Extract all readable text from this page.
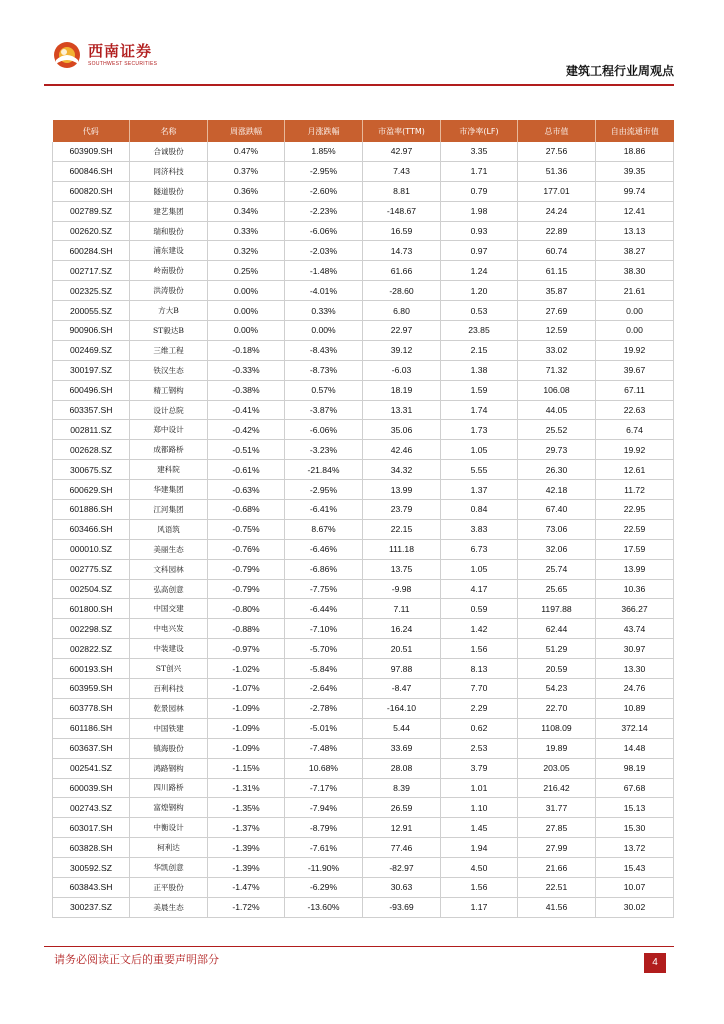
西南证券
SOUTHWEST SECURITIES
建筑工程行业周观点
代码	名称	周涨跌幅	月涨跌幅	市盈率(TTM)	市净率(LF)	总市值	自由流通市值
603909.SH	合诚股份	0.47%	1.85%	42.97	3.35	27.56	18.86
600846.SH	同济科技	0.37%	-2.95%	7.43	1.71	51.36	39.35
600820.SH	隧道股份	0.36%	-2.60%	8.81	0.79	177.01	99.74
002789.SZ	建艺集团	0.34%	-2.23%	-148.67	1.98	24.24	12.41
002620.SZ	瑞和股份	0.33%	-6.06%	16.59	0.93	22.89	13.13
600284.SH	浦东建设	0.32%	-2.03%	14.73	0.97	60.74	38.27
002717.SZ	岭南股份	0.25%	-1.48%	61.66	1.24	61.15	38.30
002325.SZ	洪涛股份	0.00%	-4.01%	-28.60	1.20	35.87	21.61
200055.SZ	方大B	0.00%	0.33%	6.80	0.53	27.69	0.00
900906.SH	ST毅达B	0.00%	0.00%	22.97	23.85	12.59	0.00
002469.SZ	三维工程	-0.18%	-8.43%	39.12	2.15	33.02	19.92
300197.SZ	铁汉生态	-0.33%	-8.73%	-6.03	1.38	71.32	39.67
600496.SH	精工钢构	-0.38%	0.57%	18.19	1.59	106.08	67.11
603357.SH	设计总院	-0.41%	-3.87%	13.31	1.74	44.05	22.63
002811.SZ	郑中设计	-0.42%	-6.06%	35.06	1.73	25.52	6.74
002628.SZ	成都路桥	-0.51%	-3.23%	42.46	1.05	29.73	19.92
300675.SZ	建科院	-0.61%	-21.84%	34.32	5.55	26.30	12.61
600629.SH	华建集团	-0.63%	-2.95%	13.99	1.37	42.18	11.72
601886.SH	江河集团	-0.68%	-6.41%	23.79	0.84	67.40	22.95
603466.SH	风语筑	-0.75%	8.67%	22.15	3.83	73.06	22.59
000010.SZ	美丽生态	-0.76%	-6.46%	111.18	6.73	32.06	17.59
002775.SZ	文科园林	-0.79%	-6.86%	13.75	1.05	25.74	13.99
002504.SZ	弘高创意	-0.79%	-7.75%	-9.98	4.17	25.65	10.36
601800.SH	中国交建	-0.80%	-6.44%	7.11	0.59	1197.88	366.27
002298.SZ	中电兴发	-0.88%	-7.10%	16.24	1.42	62.44	43.74
002822.SZ	中装建设	-0.97%	-5.70%	20.51	1.56	51.29	30.97
600193.SH	ST创兴	-1.02%	-5.84%	97.88	8.13	20.59	13.30
603959.SH	百利科技	-1.07%	-2.64%	-8.47	7.70	54.23	24.76
603778.SH	乾景园林	-1.09%	-2.78%	-164.10	2.29	22.70	10.89
601186.SH	中国铁建	-1.09%	-5.01%	5.44	0.62	1108.09	372.14
603637.SH	镇海股份	-1.09%	-7.48%	33.69	2.53	19.89	14.48
002541.SZ	鸿路钢构	-1.15%	10.68%	28.08	3.79	203.05	98.19
600039.SH	四川路桥	-1.31%	-7.17%	8.39	1.01	216.42	67.68
002743.SZ	富煌钢构	-1.35%	-7.94%	26.59	1.10	31.77	15.13
603017.SH	中衡设计	-1.37%	-8.79%	12.91	1.45	27.85	15.30
603828.SH	柯利达	-1.39%	-7.61%	77.46	1.94	27.99	13.72
300592.SZ	华凯创意	-1.39%	-11.90%	-82.97	4.50	21.66	15.43
603843.SH	正平股份	-1.47%	-6.29%	30.63	1.56	22.51	10.07
300237.SZ	美晨生态	-1.72%	-13.60%	-93.69	1.17	41.56	30.02
请务必阅读正文后的重要声明部分	4
